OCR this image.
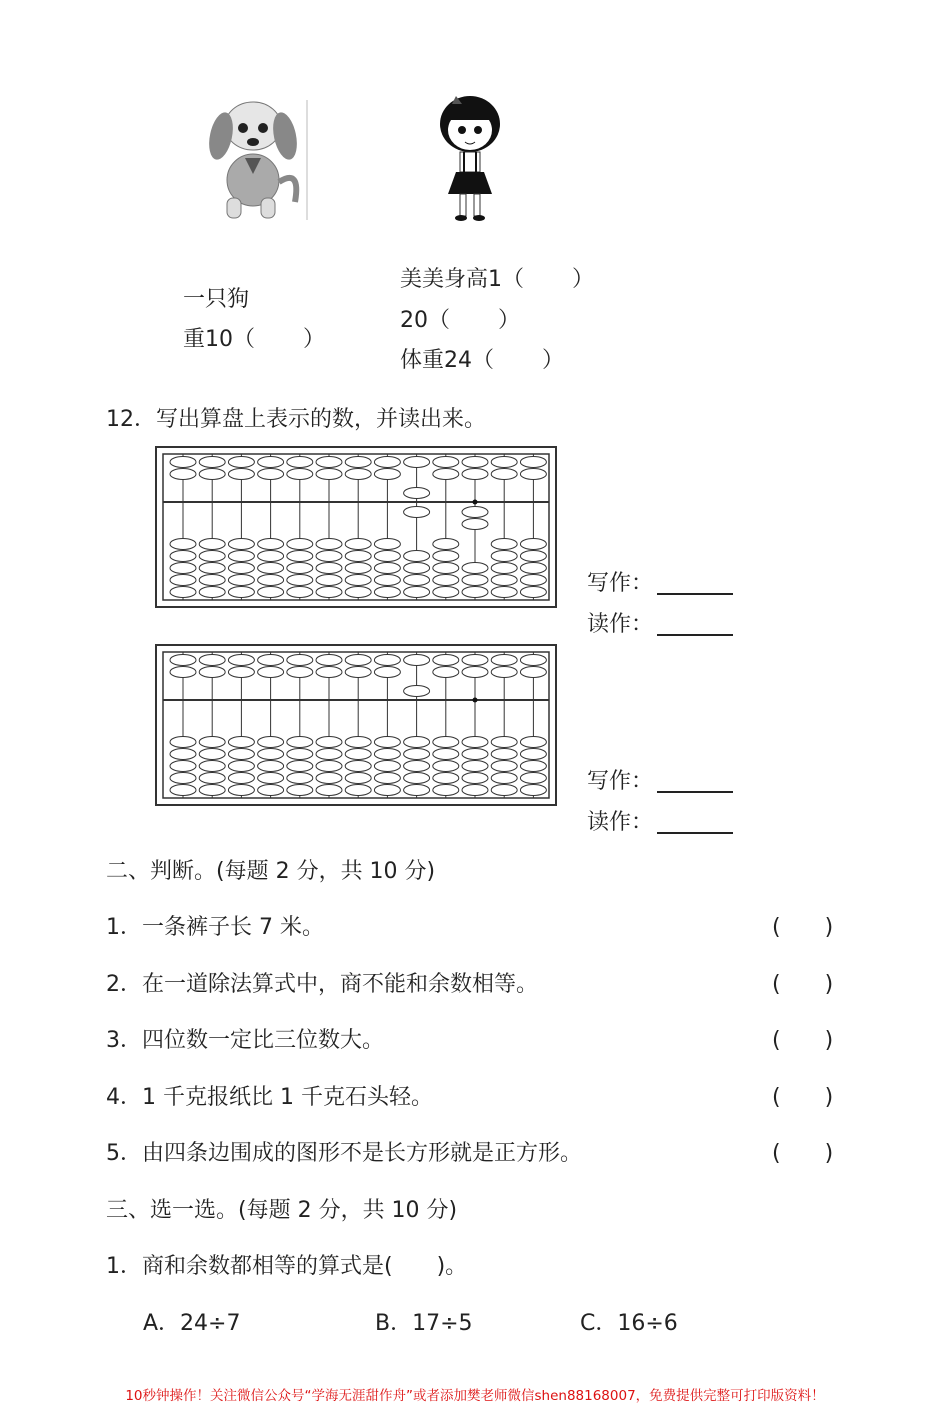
一只狗
重10（ ）
美美身高1（ ）
20（ ）
体重24（ ）
12．写出算盘上表示的数，并读出来。
写作：
读作：
写作：
读作：
二、判断。(每题 2 分，共 10 分)
1．一条裤子长 7 米。	(　　)
2．在一道除法算式中，商不能和余数相等。	(　　)
3．四位数一定比三位数大。	(　　)
4．1 千克报纸比 1 千克石头轻。	(　　)
5．由四条边围成的图形不是长方形就是正方形。	(　　)
三、选一选。(每题 2 分，共 10 分)
1．商和余数都相等的算式是(　　)。
A．24÷7	B．17÷5	C．16÷6
10秒钟操作！关注微信公众号“学海无涯甜作舟”或者添加樊老师微信shen88168007，免费提供完整可打印版资料！
